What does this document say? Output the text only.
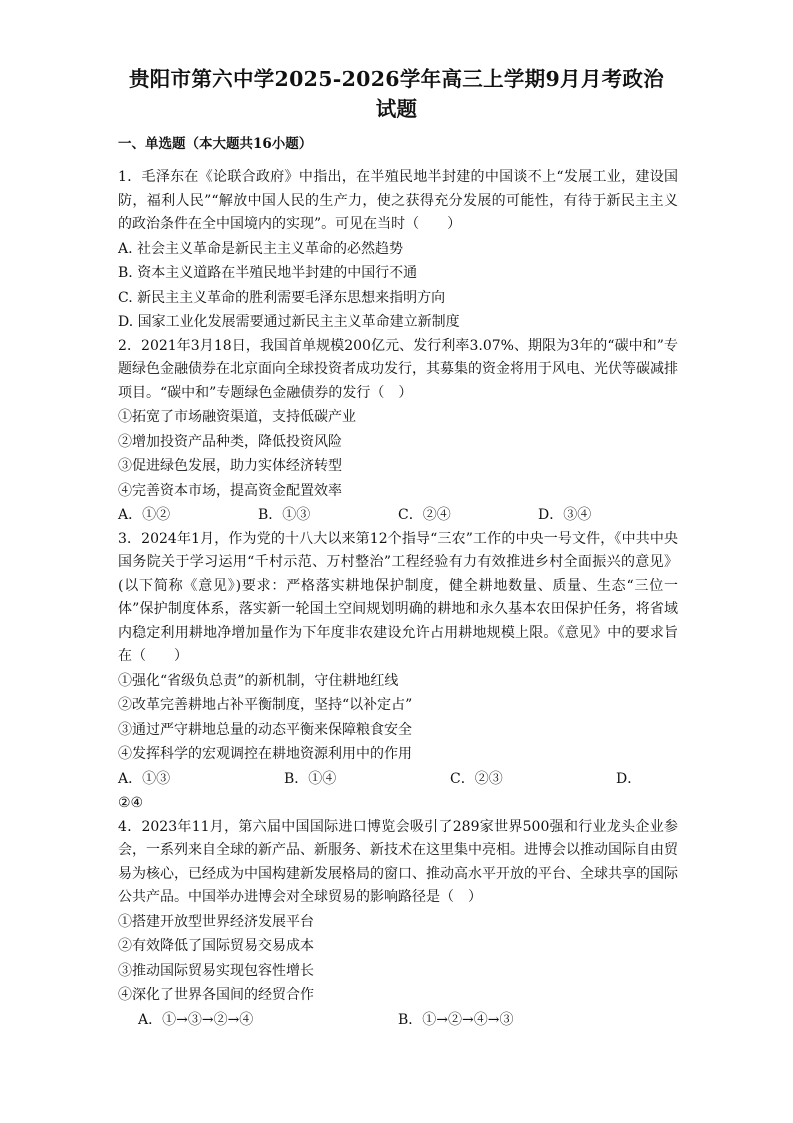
贵阳市第六中学2025-2026学年高三上学期9月月考政治
试题
一、单选题（本大题共16小题）
1．毛泽东在《论联合政府》中指出，在半殖民地半封建的中国谈不上“发展工业，建设国防，福利人民”“解放中国人民的生产力，使之获得充分发展的可能性，有待于新民主主义的政治条件在全中国境内的实现”。可见在当时（　　）
A. 社会主义革命是新民主主义革命的必然趋势
B. 资本主义道路在半殖民地半封建的中国行不通
C. 新民主主义革命的胜利需要毛泽东思想来指明方向
D. 国家工业化发展需要通过新民主主义革命建立新制度
2．2021年3月18日，我国首单规模200亿元、发行利率3.07%、期限为3年的“碳中和”专题绿色金融债券在北京面向全球投资者成功发行，其募集的资金将用于风电、光伏等碳减排项目。“碳中和”专题绿色金融债券的发行（　）
①拓宽了市场融资渠道，支持低碳产业
②增加投资产品种类，降低投资风险
③促进绿色发展，助力实体经济转型
④完善资本市场，提高资金配置效率
A．①②	B．①③	C．②④	D．③④
3．2024年1月，作为党的十八大以来第12个指导“三农”工作的中央一号文件，《中共中央国务院关于学习运用“千村示范、万村整治”工程经验有力有效推进乡村全面振兴的意见》(以下简称《意见》)要求：严格落实耕地保护制度，健全耕地数量、质量、生态“三位一体”保护制度体系，落实新一轮国土空间规划明确的耕地和永久基本农田保护任务，将省域内稳定利用耕地净增加量作为下年度非农建设允许占用耕地规模上限。《意见》中的要求旨在（　　）
①强化“省级负总责”的新机制，守住耕地红线
②改革完善耕地占补平衡制度，坚持“以补定占”
③通过严守耕地总量的动态平衡来保障粮食安全
④发挥科学的宏观调控在耕地资源利用中的作用
A．①③	B．①④	C．②③	D．
②④
4．2023年11月，第六届中国国际进口博览会吸引了289家世界500强和行业龙头企业参会，一系列来自全球的新产品、新服务、新技术在这里集中亮相。进博会以推动国际自由贸易为核心，已经成为中国构建新发展格局的窗口、推动高水平开放的平台、全球共享的国际公共产品。中国举办进博会对全球贸易的影响路径是（　）
①搭建开放型世界经济发展平台
②有效降低了国际贸易交易成本
③推动国际贸易实现包容性增长
④深化了世界各国间的经贸合作
A．①→③→②→④	B．①→②→④→③
